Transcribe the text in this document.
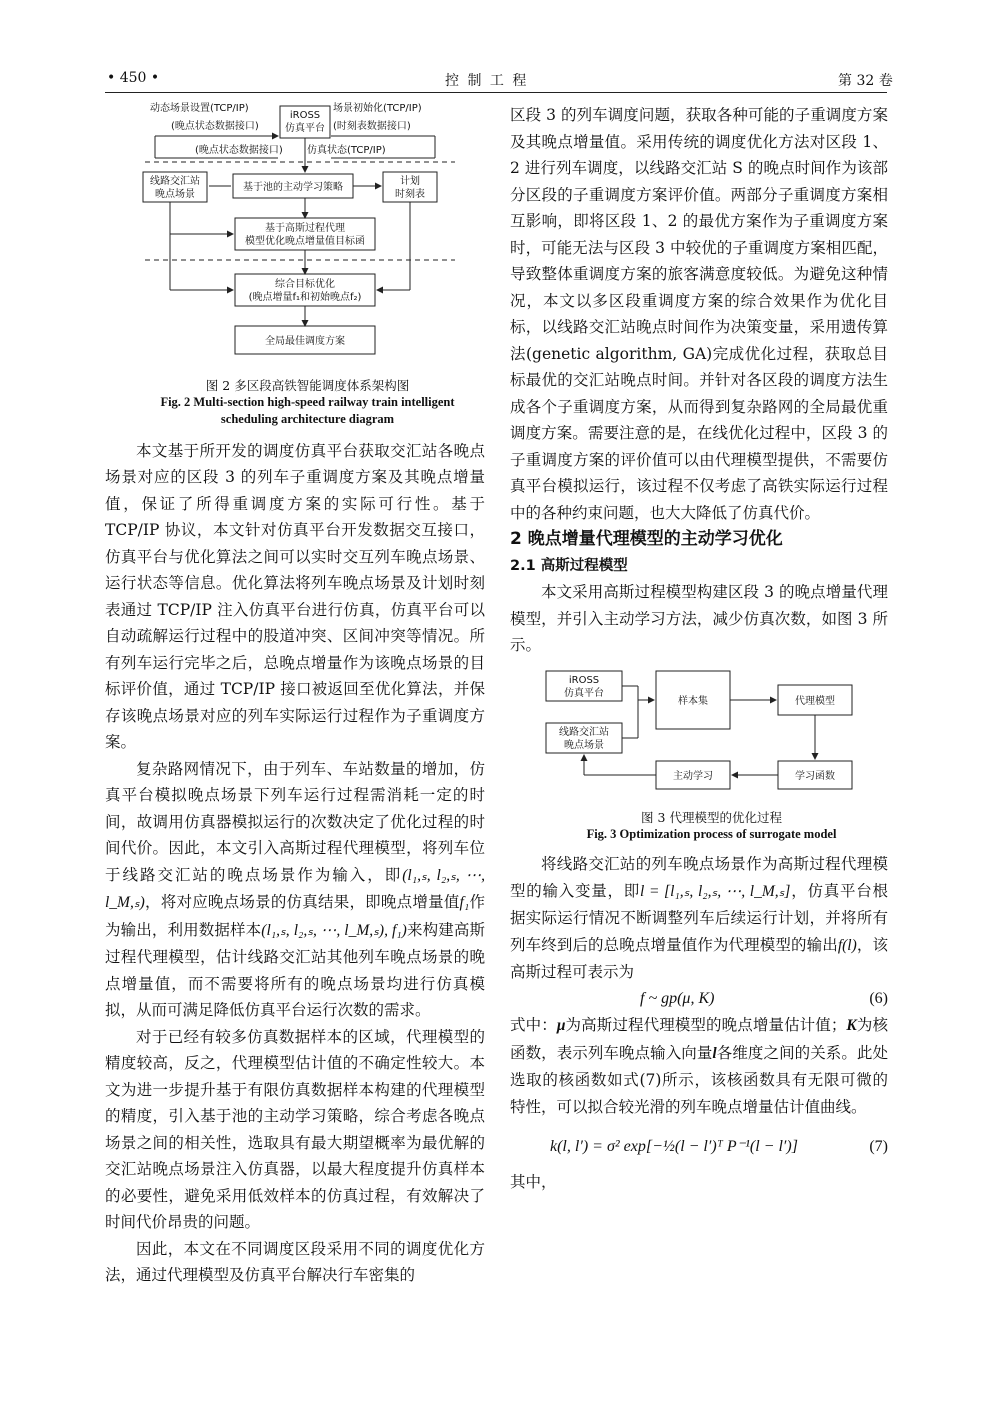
• 450 •	控 制 工 程	第 32 卷
动态场景设置(TCP/IP)
(晚点状态数据接口)
iROSS
仿真平台
场景初始化(TCP/IP)
(时刻表数据接口)
(晚点状态数据接口) 仿真状态(TCP/IP)
线路交汇站
晚点场景
基于池的主动学习策略
计划
时刻表
基于高斯过程代理
模型优化晚点增量值目标函
综合目标优化
(晚点增量f₁和初始晚点f₂)
全局最佳调度方案

图 2 多区段高铁智能调度体系架构图

Fig. 2 Multi-section high-speed railway train intelligent

scheduling architecture diagram

本文基于所开发的调度仿真平台获取交汇站各晚点场景对应的区段 3 的列车子重调度方案及其晚点增量值，保证了所得重调度方案的实际可行性。基于 TCP/IP 协议，本文针对仿真平台开发数据交互接口，仿真平台与优化算法之间可以实时交互列车晚点场景、运行状态等信息。优化算法将列车晚点场景及计划时刻表通过 TCP/IP 注入仿真平台进行仿真，仿真平台可以自动疏解运行过程中的股道冲突、区间冲突等情况。所有列车运行完毕之后，总晚点增量作为该晚点场景的目标评价值，通过 TCP/IP 接口被返回至优化算法，并保存该晚点场景对应的列车实际运行过程作为子重调度方案。

复杂路网情况下，由于列车、车站数量的增加，仿真平台模拟晚点场景下列车运行过程需消耗一定的时间，故调用仿真器模拟运行的次数决定了优化过程的时间代价。因此，本文引入高斯过程代理模型，将列车位于线路交汇站的晚点场景作为输入，即(l₁,ₛ, l₂,ₛ, ⋯, l_M,ₛ)，将对应晚点场景的仿真结果，即晚点增量值f₁作为输出，利用数据样本(l₁,ₛ, l₂,ₛ, ⋯, l_M,ₛ), f₁)来构建高斯过程代理模型，估计线路交汇站其他列车晚点场景的晚点增量值，而不需要将所有的晚点场景均进行仿真模拟，从而可满足降低仿真平台运行次数的需求。

对于已经有较多仿真数据样本的区域，代理模型的精度较高，反之，代理模型估计值的不确定性较大。本文为进一步提升基于有限仿真数据样本构建的代理模型的精度，引入基于池的主动学习策略，综合考虑各晚点场景之间的相关性，选取具有最大期望概率为最优解的交汇站晚点场景注入仿真器，以最大程度提升仿真样本的必要性，避免采用低效样本的仿真过程，有效解决了时间代价昂贵的问题。

因此，本文在不同调度区段采用不同的调度优化方法，通过代理模型及仿真平台解决行车密集的

区段 3 的列车调度问题，获取各种可能的子重调度方案及其晚点增量值。采用传统的调度优化方法对区段 1、2 进行列车调度，以线路交汇站 S 的晚点时间作为该部分区段的子重调度方案评价值。两部分子重调度方案相互影响，即将区段 1、2 的最优方案作为子重调度方案时，可能无法与区段 3 中较优的子重调度方案相匹配，导致整体重调度方案的旅客满意度较低。为避免这种情况，本文以多区段重调度方案的综合效果作为优化目标，以线路交汇站晚点时间作为决策变量，采用遗传算法(genetic algorithm, GA)完成优化过程，获取总目标最优的交汇站晚点时间。并针对各区段的调度方法生成各个子重调度方案，从而得到复杂路网的全局最优重调度方案。需要注意的是，在线优化过程中，区段 3 的子重调度方案的评价值可以由代理模型提供，不需要仿真平台模拟运行，该过程不仅考虑了高铁实际运行过程中的各种约束问题，也大大降低了仿真代价。

2 晚点增量代理模型的主动学习优化

2.1 高斯过程模型

本文采用高斯过程模型构建区段 3 的晚点增量代理模型，并引入主动学习方法，减少仿真次数，如图 3 所示。

iROSS
仿真平台
线路交汇站
晚点场景
样本集	代理模型
主动学习	学习函数

图 3 代理模型的优化过程

Fig. 3 Optimization process of surrogate model

将线路交汇站的列车晚点场景作为高斯过程代理模型的输入变量，即l = [l₁,ₛ, l₂,ₛ, ⋯, l_M,ₛ]，仿真平台根据实际运行情况不断调整列车后续运行计划，并将所有列车终到后的总晚点增量值作为代理模型的输出f(l)，该高斯过程可表示为

f ~ gp(μ, K)	(6)

式中：μ为高斯过程代理模型的晚点增量估计值；K为核函数，表示列车晚点输入向量l各维度之间的关系。此处选取的核函数如式(7)所示，该核函数具有无限可微的特性，可以拟合较光滑的列车晚点增量估计值曲线。

k(l, l′) = σ² exp[−½(l − l′)ᵀ P⁻¹(l − l′)]	(7)

其中，
